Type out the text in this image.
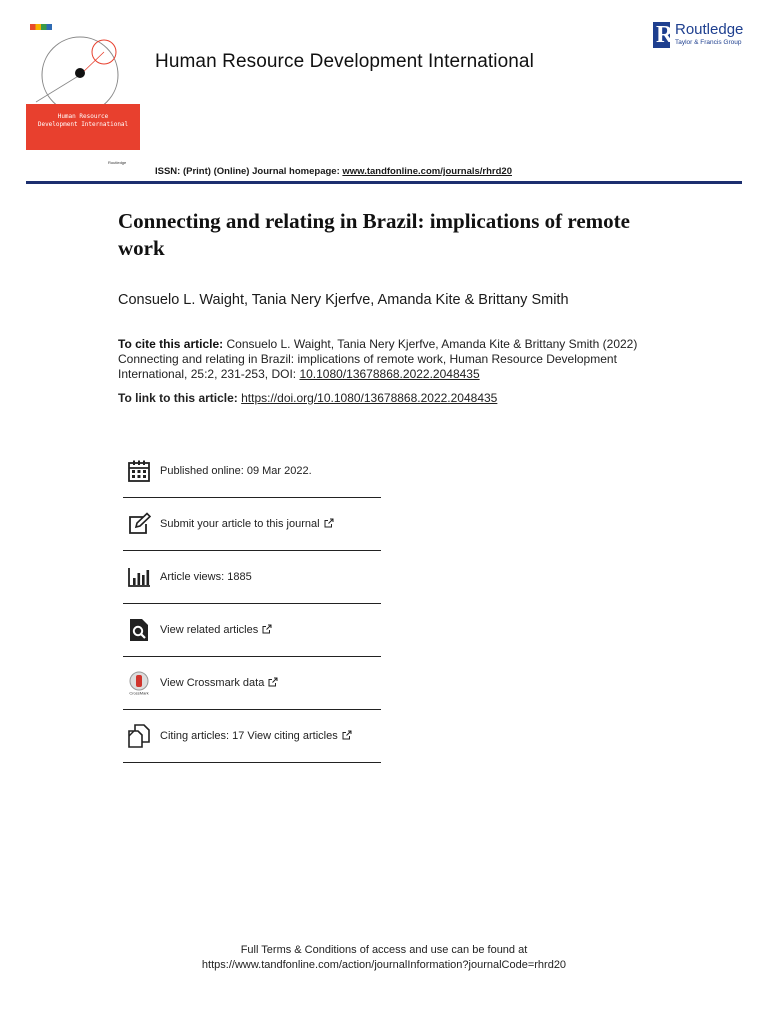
Human Resource
Development International
Routledge
Human Resource Development International
R Routledge
Taylor & Francis Group
ISSN: (Print) (Online) Journal homepage: www.tandfonline.com/journals/rhrd20
Connecting and relating in Brazil: implications of remote work
Consuelo L. Waight, Tania Nery Kjerfve, Amanda Kite & Brittany Smith
To cite this article: Consuelo L. Waight, Tania Nery Kjerfve, Amanda Kite & Brittany Smith (2022) Connecting and relating in Brazil: implications of remote work, Human Resource Development International, 25:2, 231-253, DOI: 10.1080/13678868.2022.2048435
To link to this article: https://doi.org/10.1080/13678868.2022.2048435
Published online: 09 Mar 2022.
Submit your article to this journal
Article views: 1885
View related articles
CrossMark
View Crossmark data
Citing articles: 17 View citing articles
Full Terms & Conditions of access and use can be found at
https://www.tandfonline.com/action/journalInformation?journalCode=rhrd20
